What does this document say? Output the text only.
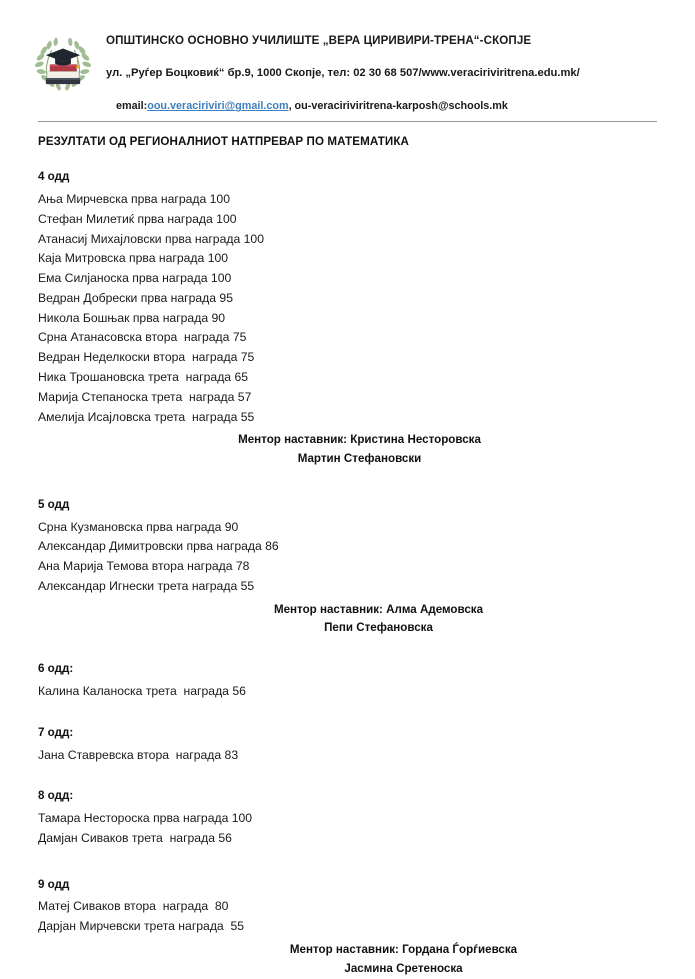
ОПШТИНСКО ОСНОВНО УЧИЛИШТЕ „ВЕРА ЦИРИВИРИ-ТРЕНА“-СКОПЈЕ
ул. „Руѓер Боцковиќ“ бр.9, 1000 Скопје, тел: 02 30 68 507/www.veraciriviritrena.edu.mk/
email:oou.veraciriviri@gmail.com, ou-veraciriviritrena-karposh@schools.mk
РЕЗУЛТАТИ ОД РЕГИОНАЛНИОТ НАТПРЕВАР ПО МАТЕМАТИКА
4 одд
Ања Мирчевска прва награда 100
Стефан Милетиќ прва награда 100
Атанасиј Михајловски прва награда 100
Каја Митровска прва награда 100
Ема Силјаноска прва награда 100
Ведран Добрески прва награда 95
Никола Бошњак прва награда 90
Срна Атанасовска втора  награда 75
Ведран Неделкоски втора  награда 75
Ника Трошановска трета  награда 65
Марија Степаноска трета  награда 57
Амелија Исајловска трета  награда 55
Ментор наставник: Кристина Несторовска
Мартин Стефановски
5 одд
Срна Кузмановска прва награда 90
Александар Димитровски прва награда 86
Ана Марија Темова втора награда 78
Александар Игнески трета награда 55
Ментор наставник: Алма Адемовска
Пепи Стефановска
6 одд:
Калина Каланоска трета  награда 56
7 одд:
Јана Ставревска втора  награда 83
8 одд:
Тамара Нестороска прва награда 100
Дамјан Сиваков трета  награда 56
9 одд
Матеј Сиваков втора  награда  80
Дарјан Мирчевски трета награда  55
Ментор наставник: Гордана Ѓорѓиевска
Јасмина Сретеноска
